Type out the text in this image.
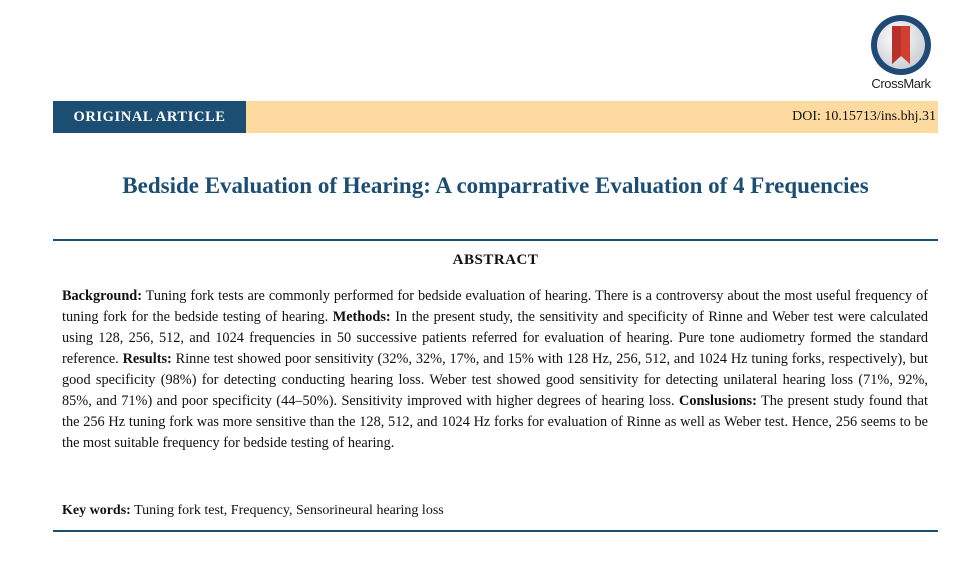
CrossMark
ORIGINAL ARTICLE	DOI: 10.15713/ins.bhj.31
Bedside Evaluation of Hearing: A comparrative Evaluation of 4 Frequencies
ABSTRACT
Background: Tuning fork tests are commonly performed for bedside evaluation of hearing. There is a controversy about the most useful frequency of tuning fork for the bedside testing of hearing. Methods: In the present study, the sensitivity and specificity of Rinne and Weber test were calculated using 128, 256, 512, and 1024 frequencies in 50 successive patients referred for evaluation of hearing. Pure tone audiometry formed the standard reference. Results: Rinne test showed poor sensitivity (32%, 32%, 17%, and 15% with 128 Hz, 256, 512, and 1024 Hz tuning forks, respectively), but good specificity (98%) for detecting conducting hearing loss. Weber test showed good sensitivity for detecting unilateral hearing loss (71%, 92%, 85%, and 71%) and poor specificity (44–50%). Sensitivity improved with higher degrees of hearing loss. Conslusions: The present study found that the 256 Hz tuning fork was more sensitive than the 128, 512, and 1024 Hz forks for evaluation of Rinne as well as Weber test. Hence, 256 seems to be the most suitable frequency for bedside testing of hearing.
Key words: Tuning fork test, Frequency, Sensorineural hearing loss
